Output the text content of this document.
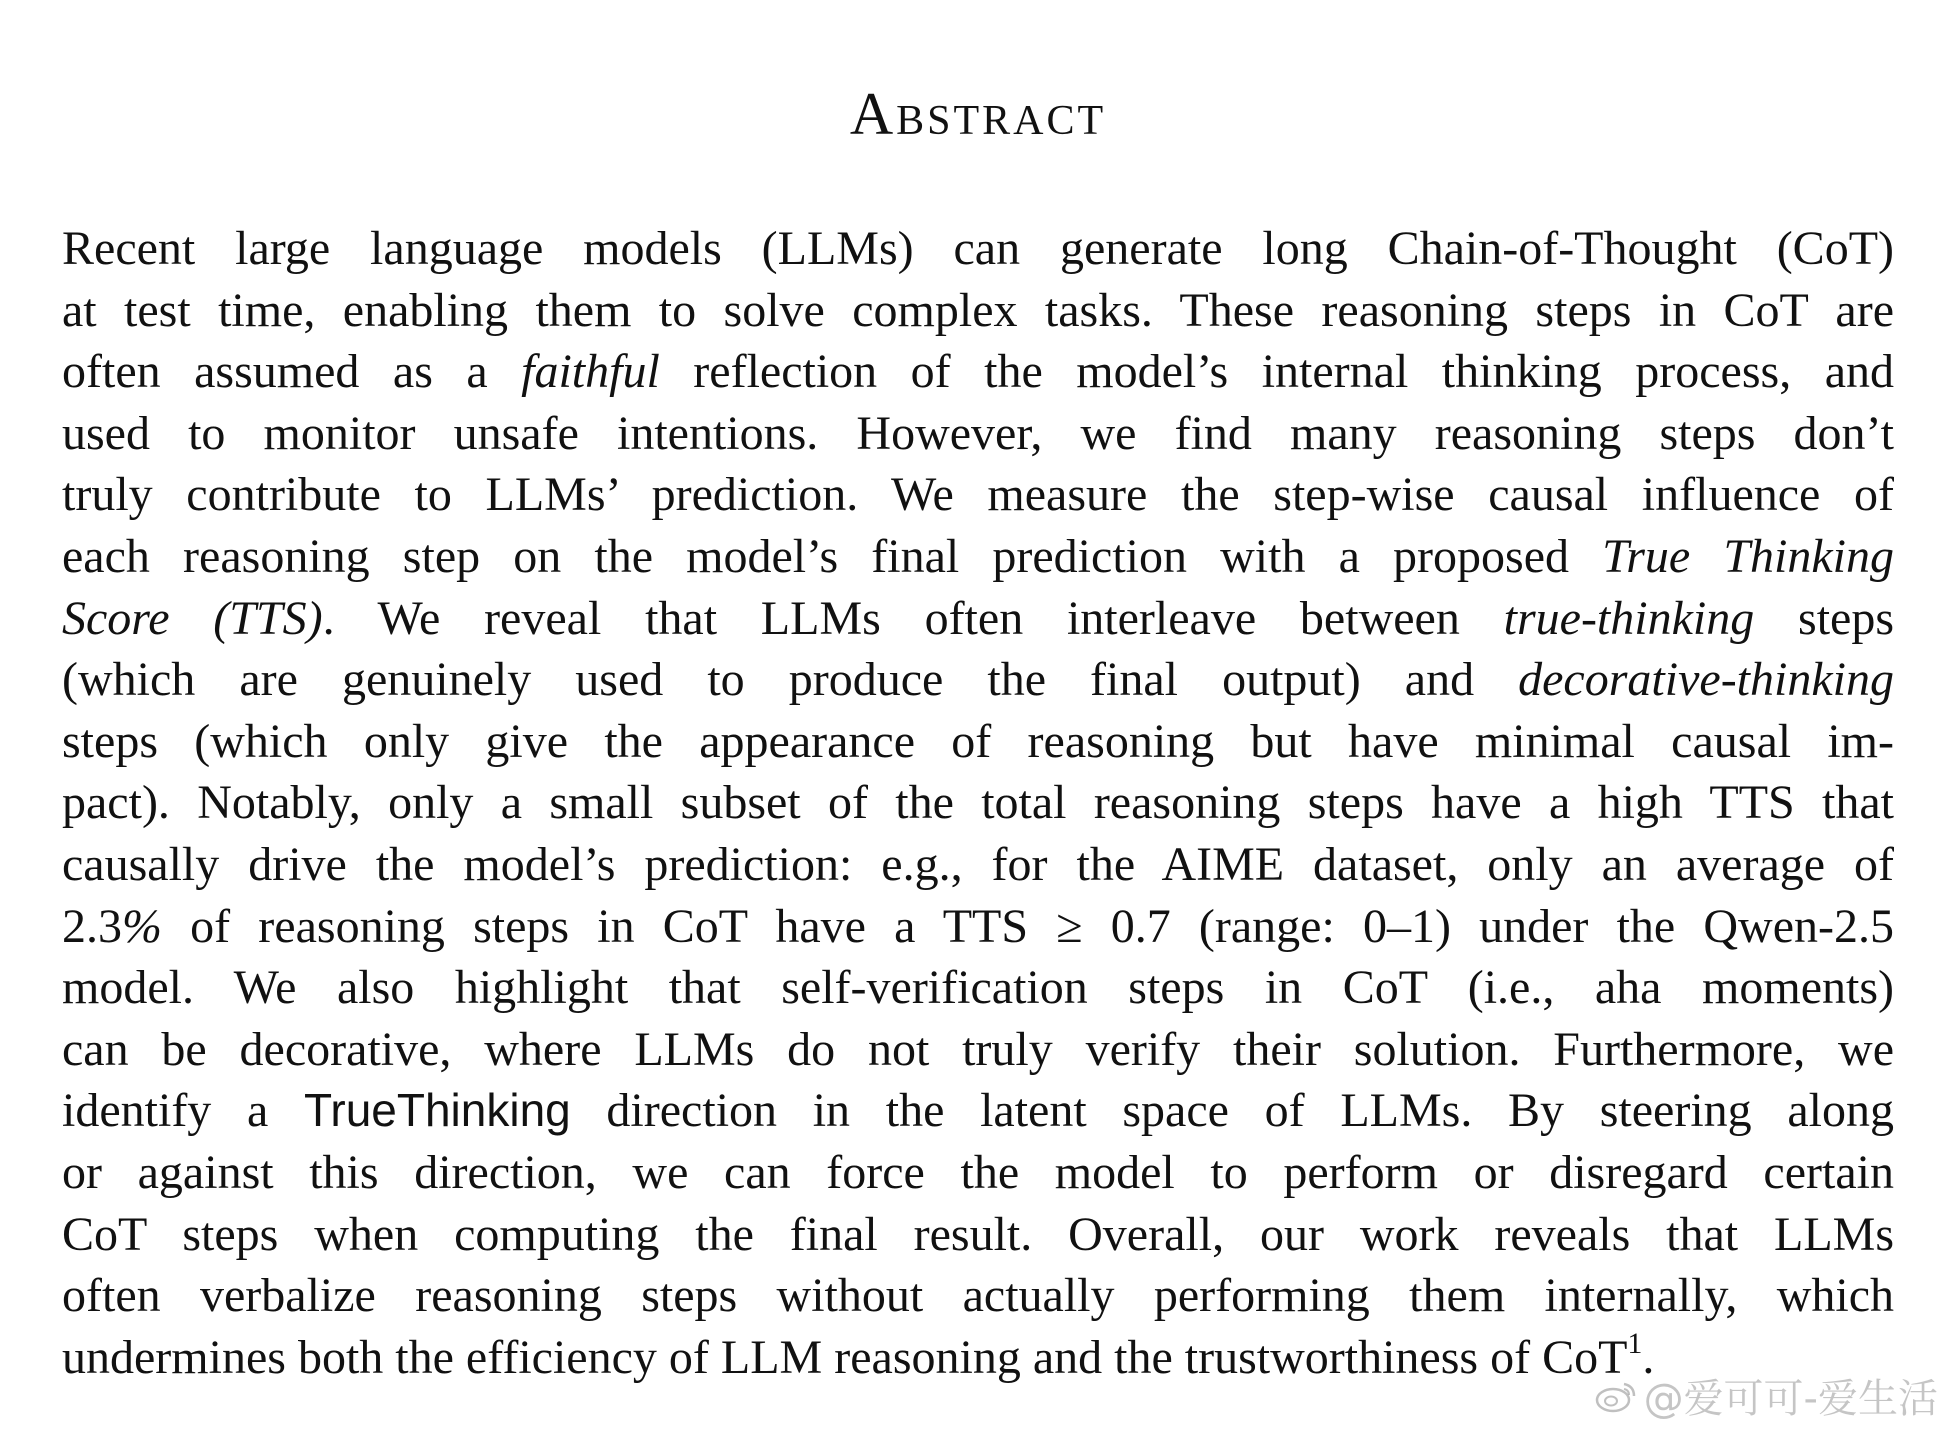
Abstract
Recent large language models (LLMs) can generate long Chain-of-Thought (CoT)
at test time, enabling them to solve complex tasks. These reasoning steps in CoT are
often assumed as a faithful reflection of the model’s internal thinking process, and
used to monitor unsafe intentions. However, we find many reasoning steps don’t
truly contribute to LLMs’ prediction. We measure the step-wise causal influence of
each reasoning step on the model’s final prediction with a proposed True Thinking
Score (TTS). We reveal that LLMs often interleave between true-thinking steps
(which are genuinely used to produce the final output) and decorative-thinking
steps (which only give the appearance of reasoning but have minimal causal im-
pact). Notably, only a small subset of the total reasoning steps have a high TTS that
causally drive the model’s prediction: e.g., for the AIME dataset, only an average of
2.3% of reasoning steps in CoT have a TTS ≥ 0.7 (range: 0–1) under the Qwen-2.5
model. We also highlight that self-verification steps in CoT (i.e., aha moments)
can be decorative, where LLMs do not truly verify their solution. Furthermore, we
identify a TrueThinking direction in the latent space of LLMs. By steering along
or against this direction, we can force the model to perform or disregard certain
CoT steps when computing the final result. Overall, our work reveals that LLMs
often verbalize reasoning steps without actually performing them internally, which
undermines both the efficiency of LLM reasoning and the trustworthiness of CoT$^1$.
@爱可可-爱生活
